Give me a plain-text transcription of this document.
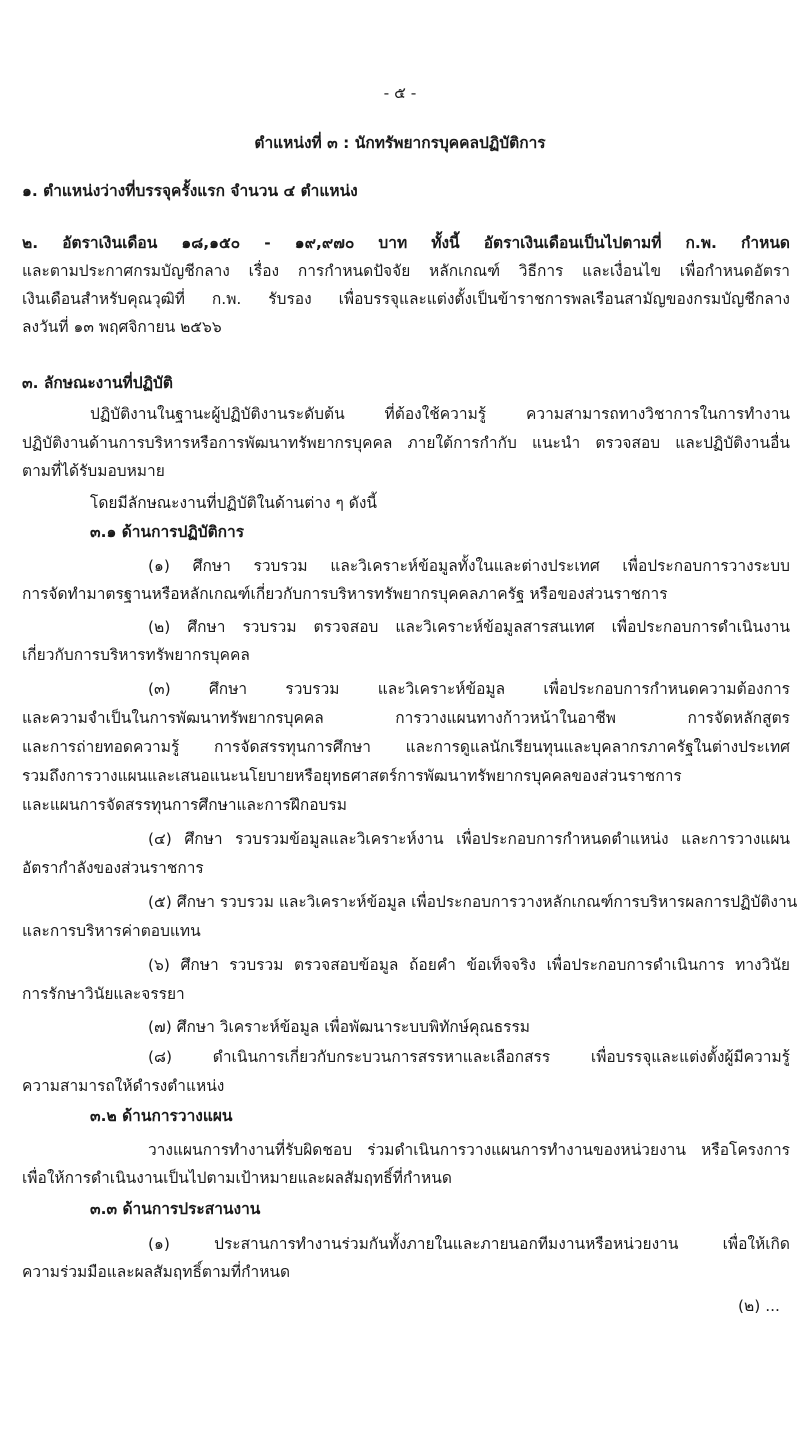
- ๕ -
ตำแหน่งที่ ๓ : นักทรัพยากรบุคคลปฏิบัติการ
๑. ตำแหน่งว่างที่บรรจุครั้งแรก จำนวน ๔ ตำแหน่ง
๒. อัตราเงินเดือน ๑๘,๑๕๐ - ๑๙,๙๗๐ บาท ทั้งนี้ อัตราเงินเดือนเป็นไปตามที่ ก.พ. กำหนด
และตามประกาศกรมบัญชีกลาง เรื่อง การกำหนดปัจจัย หลักเกณฑ์ วิธีการ และเงื่อนไข เพื่อกำหนดอัตรา
เงินเดือนสำหรับคุณวุฒิที่ ก.พ. รับรอง เพื่อบรรจุและแต่งตั้งเป็นข้าราชการพลเรือนสามัญของกรมบัญชีกลาง
ลงวันที่ ๑๓ พฤศจิกายน ๒๕๖๖
๓. ลักษณะงานที่ปฏิบัติ
ปฏิบัติงานในฐานะผู้ปฏิบัติงานระดับต้น ที่ต้องใช้ความรู้ ความสามารถทางวิชาการในการทำงาน
ปฏิบัติงานด้านการบริหารหรือการพัฒนาทรัพยากรบุคคล ภายใต้การกำกับ แนะนำ ตรวจสอบ และปฏิบัติงานอื่น
ตามที่ได้รับมอบหมาย
โดยมีลักษณะงานที่ปฏิบัติในด้านต่าง ๆ ดังนี้
๓.๑ ด้านการปฏิบัติการ
(๑) ศึกษา รวบรวม และวิเคราะห์ข้อมูลทั้งในและต่างประเทศ เพื่อประกอบการวางระบบ
การจัดทำมาตรฐานหรือหลักเกณฑ์เกี่ยวกับการบริหารทรัพยากรบุคคลภาครัฐ หรือของส่วนราชการ
(๒) ศึกษา รวบรวม ตรวจสอบ และวิเคราะห์ข้อมูลสารสนเทศ เพื่อประกอบการดำเนินงาน
เกี่ยวกับการบริหารทรัพยากรบุคคล
(๓) ศึกษา รวบรวม และวิเคราะห์ข้อมูล เพื่อประกอบการกำหนดความต้องการ
และความจำเป็นในการพัฒนาทรัพยากรบุคคล การวางแผนทางก้าวหน้าในอาชีพ การจัดหลักสูตร
และการถ่ายทอดความรู้ การจัดสรรทุนการศึกษา และการดูแลนักเรียนทุนและบุคลากรภาครัฐในต่างประเทศ
รวมถึงการวางแผนและเสนอแนะนโยบายหรือยุทธศาสตร์การพัฒนาทรัพยากรบุคคลของส่วนราชการ
และแผนการจัดสรรทุนการศึกษาและการฝึกอบรม
(๔) ศึกษา รวบรวมข้อมูลและวิเคราะห์งาน เพื่อประกอบการกำหนดตำแหน่ง และการวางแผน
อัตรากำลังของส่วนราชการ
(๕) ศึกษา รวบรวม และวิเคราะห์ข้อมูล เพื่อประกอบการวางหลักเกณฑ์การบริหารผลการปฏิบัติงาน
และการบริหารค่าตอบแทน
(๖) ศึกษา รวบรวม ตรวจสอบข้อมูล ถ้อยคำ ข้อเท็จจริง เพื่อประกอบการดำเนินการ ทางวินัย
การรักษาวินัยและจรรยา
(๗) ศึกษา วิเคราะห์ข้อมูล เพื่อพัฒนาระบบพิทักษ์คุณธรรม
(๘) ดำเนินการเกี่ยวกับกระบวนการสรรหาและเลือกสรร เพื่อบรรจุและแต่งตั้งผู้มีความรู้
ความสามารถให้ดำรงตำแหน่ง
๓.๒ ด้านการวางแผน
วางแผนการทำงานที่รับผิดชอบ ร่วมดำเนินการวางแผนการทำงานของหน่วยงาน หรือโครงการ
เพื่อให้การดำเนินงานเป็นไปตามเป้าหมายและผลสัมฤทธิ์ที่กำหนด
๓.๓ ด้านการประสานงาน
(๑) ประสานการทำงานร่วมกันทั้งภายในและภายนอกทีมงานหรือหน่วยงาน เพื่อให้เกิด
ความร่วมมือและผลสัมฤทธิ์ตามที่กำหนด
(๒) ...
